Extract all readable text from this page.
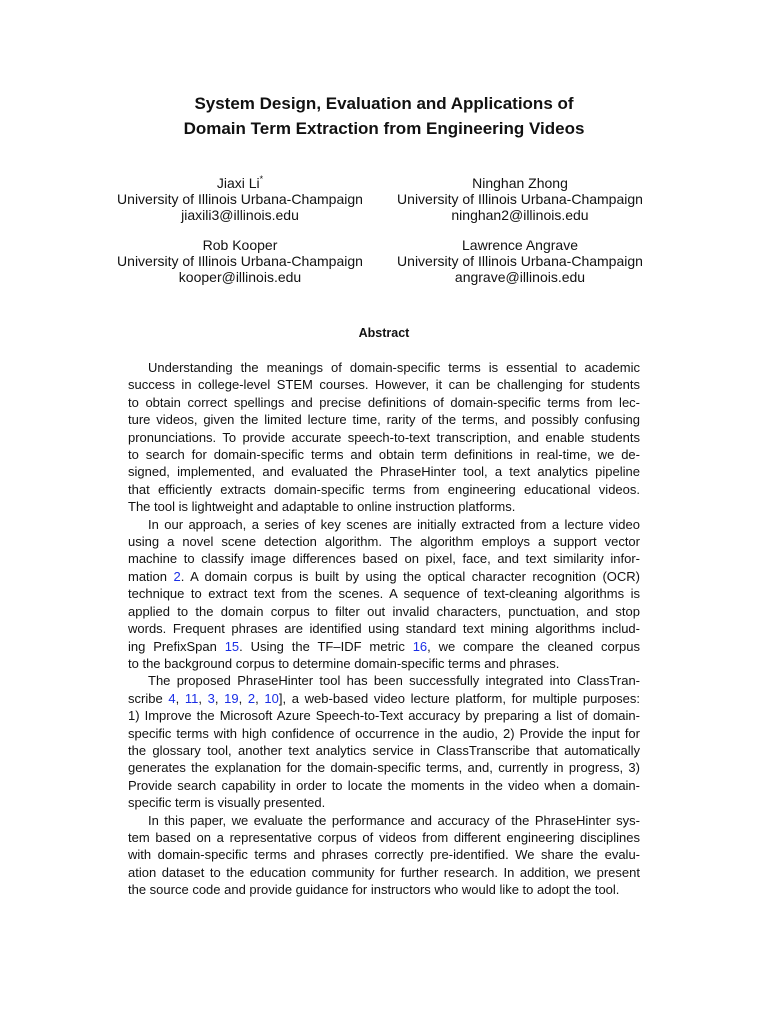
System Design, Evaluation and Applications of
Domain Term Extraction from Engineering Videos
Jiaxi Li*
University of Illinois Urbana-Champaign
jiaxili3@illinois.edu
Ninghan Zhong
University of Illinois Urbana-Champaign
ninghan2@illinois.edu
Rob Kooper
University of Illinois Urbana-Champaign
kooper@illinois.edu
Lawrence Angrave
University of Illinois Urbana-Champaign
angrave@illinois.edu
Abstract

Understanding the meanings of domain-specific terms is essential to academic
success in college-level STEM courses. However, it can be challenging for students
to obtain correct spellings and precise definitions of domain-specific terms from lec-
ture videos, given the limited lecture time, rarity of the terms, and possibly confusing
pronunciations. To provide accurate speech-to-text transcription, and enable students
to search for domain-specific terms and obtain term definitions in real-time, we de-
signed, implemented, and evaluated the PhraseHinter tool, a text analytics pipeline
that efficiently extracts domain-specific terms from engineering educational videos.
The tool is lightweight and adaptable to online instruction platforms.

In our approach, a series of key scenes are initially extracted from a lecture video
using a novel scene detection algorithm. The algorithm employs a support vector
machine to classify image differences based on pixel, face, and text similarity infor-
mation 2. A domain corpus is built by using the optical character recognition (OCR)
technique to extract text from the scenes. A sequence of text-cleaning algorithms is
applied to the domain corpus to filter out invalid characters, punctuation, and stop
words. Frequent phrases are identified using standard text mining algorithms includ-
ing PrefixSpan 15. Using the TF–IDF metric 16, we compare the cleaned corpus
to the background corpus to determine domain-specific terms and phrases.

The proposed PhraseHinter tool has been successfully integrated into ClassTran-
scribe 4, 11, 3, 19, 2, 10], a web-based video lecture platform, for multiple purposes:
1) Improve the Microsoft Azure Speech-to-Text accuracy by preparing a list of domain-
specific terms with high confidence of occurrence in the audio, 2) Provide the input for
the glossary tool, another text analytics service in ClassTranscribe that automatically
generates the explanation for the domain-specific terms, and, currently in progress, 3)
Provide search capability in order to locate the moments in the video when a domain-
specific term is visually presented.

In this paper, we evaluate the performance and accuracy of the PhraseHinter sys-
tem based on a representative corpus of videos from different engineering disciplines
with domain-specific terms and phrases correctly pre-identified. We share the evalu-
ation dataset to the education community for further research. In addition, we present
the source code and provide guidance for instructors who would like to adopt the tool.
